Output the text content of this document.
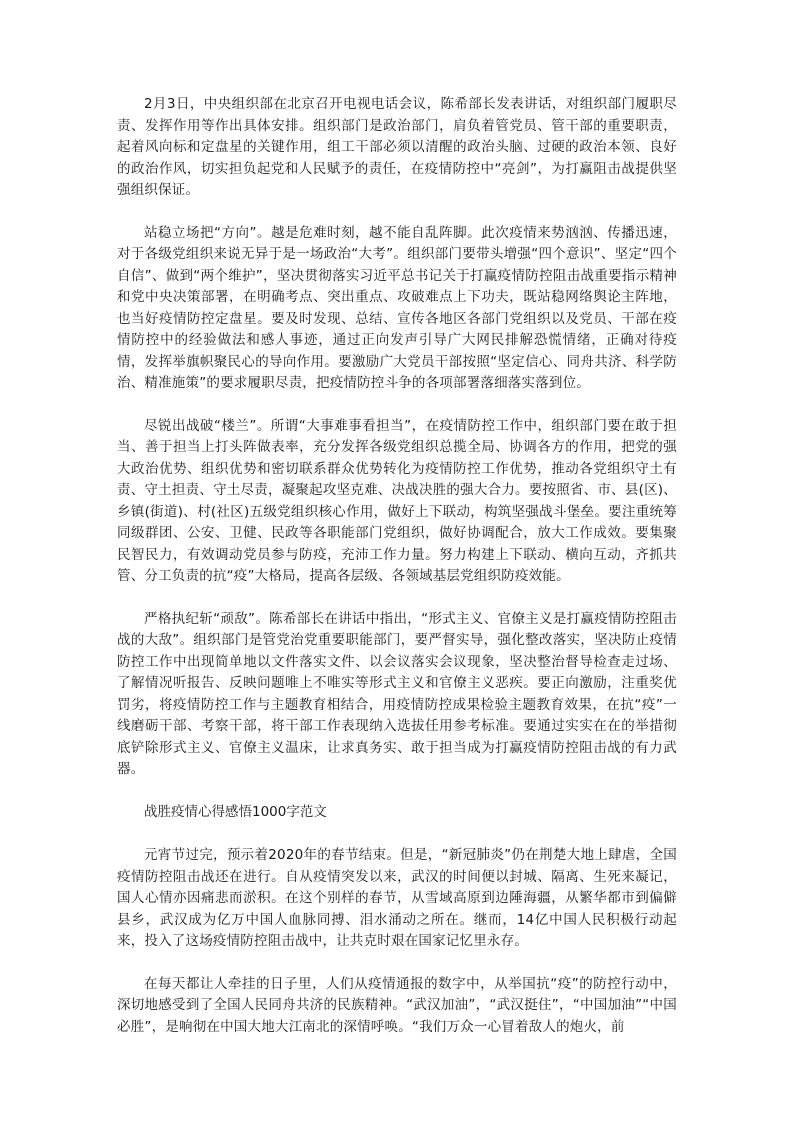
2月3日，中央组织部在北京召开电视电话会议，陈希部长发表讲话，对组织部门履职尽责、发挥作用等作出具体安排。组织部门是政治部门，肩负着管党员、管干部的重要职责，起着风向标和定盘星的关键作用，组工干部必须以清醒的政治头脑、过硬的政治本领、良好的政治作风，切实担负起党和人民赋予的责任，在疫情防控中“亮剑”，为打赢阻击战提供坚强组织保证。

站稳立场把“方向”。越是危难时刻，越不能自乱阵脚。此次疫情来势汹汹、传播迅速，对于各级党组织来说无异于是一场政治“大考”。组织部门要带头增强“四个意识”、坚定“四个自信”、做到“两个维护”，坚决贯彻落实习近平总书记关于打赢疫情防控阻击战重要指示精神和党中央决策部署，在明确考点、突出重点、攻破难点上下功夫，既站稳网络舆论主阵地，也当好疫情防控定盘星。要及时发现、总结、宣传各地区各部门党组织以及党员、干部在疫情防控中的经验做法和感人事迹，通过正向发声引导广大网民排解恐慌情绪，正确对待疫情，发挥举旗帜聚民心的导向作用。要激励广大党员干部按照“坚定信心、同舟共济、科学防治、精准施策”的要求履职尽责，把疫情防控斗争的各项部署落细落实落到位。

尽锐出战破“楼兰”。所谓“大事难事看担当”，在疫情防控工作中，组织部门要在敢于担当、善于担当上打头阵做表率，充分发挥各级党组织总揽全局、协调各方的作用，把党的强大政治优势、组织优势和密切联系群众优势转化为疫情防控工作优势，推动各党组织守土有责、守土担责、守土尽责，凝聚起攻坚克难、决战决胜的强大合力。要按照省、市、县(区)、乡镇(街道)、村(社区)五级党组织核心作用，做好上下联动，构筑坚强战斗堡垒。要注重统筹同级群团、公安、卫健、民政等各职能部门党组织，做好协调配合，放大工作成效。要集聚民智民力，有效调动党员参与防疫，充沛工作力量。努力构建上下联动、横向互动，齐抓共管、分工负责的抗“疫”大格局，提高各层级、各领域基层党组织防疫效能。

严格执纪斩“顽敌”。陈希部长在讲话中指出，“形式主义、官僚主义是打赢疫情防控阻击战的大敌”。组织部门是管党治党重要职能部门，要严督实导，强化整改落实，坚决防止疫情防控工作中出现简单地以文件落实文件、以会议落实会议现象，坚决整治督导检查走过场、了解情况听报告、反映问题唯上不唯实等形式主义和官僚主义恶疾。要正向激励，注重奖优罚劣，将疫情防控工作与主题教育相结合，用疫情防控成果检验主题教育效果，在抗“疫”一线磨砺干部、考察干部，将干部工作表现纳入选拔任用参考标准。要通过实实在在的举措彻底铲除形式主义、官僚主义温床，让求真务实、敢于担当成为打赢疫情防控阻击战的有力武器。

战胜疫情心得感悟1000字范文

元宵节过完，预示着2020年的春节结束。但是，“新冠肺炎”仍在荆楚大地上肆虐，全国疫情防控阻击战还在进行。自从疫情突发以来，武汉的时间便以封城、隔离、生死来凝记，国人心情亦因痛悲而淤积。在这个别样的春节，从雪域高原到边陲海疆，从繁华都市到偏僻县乡，武汉成为亿万中国人血脉同搏、泪水涌动之所在。继而，14亿中国人民积极行动起来，投入了这场疫情防控阻击战中，让共克时艰在国家记忆里永存。

在每天都让人牵挂的日子里，人们从疫情通报的数字中，从举国抗“疫”的防控行动中，深切地感受到了全国人民同舟共济的民族精神。“武汉加油”，“武汉挺住”，“中国加油”“中国必胜”，是响彻在中国大地大江南北的深情呼唤。“我们万众一心冒着敌人的炮火，前
